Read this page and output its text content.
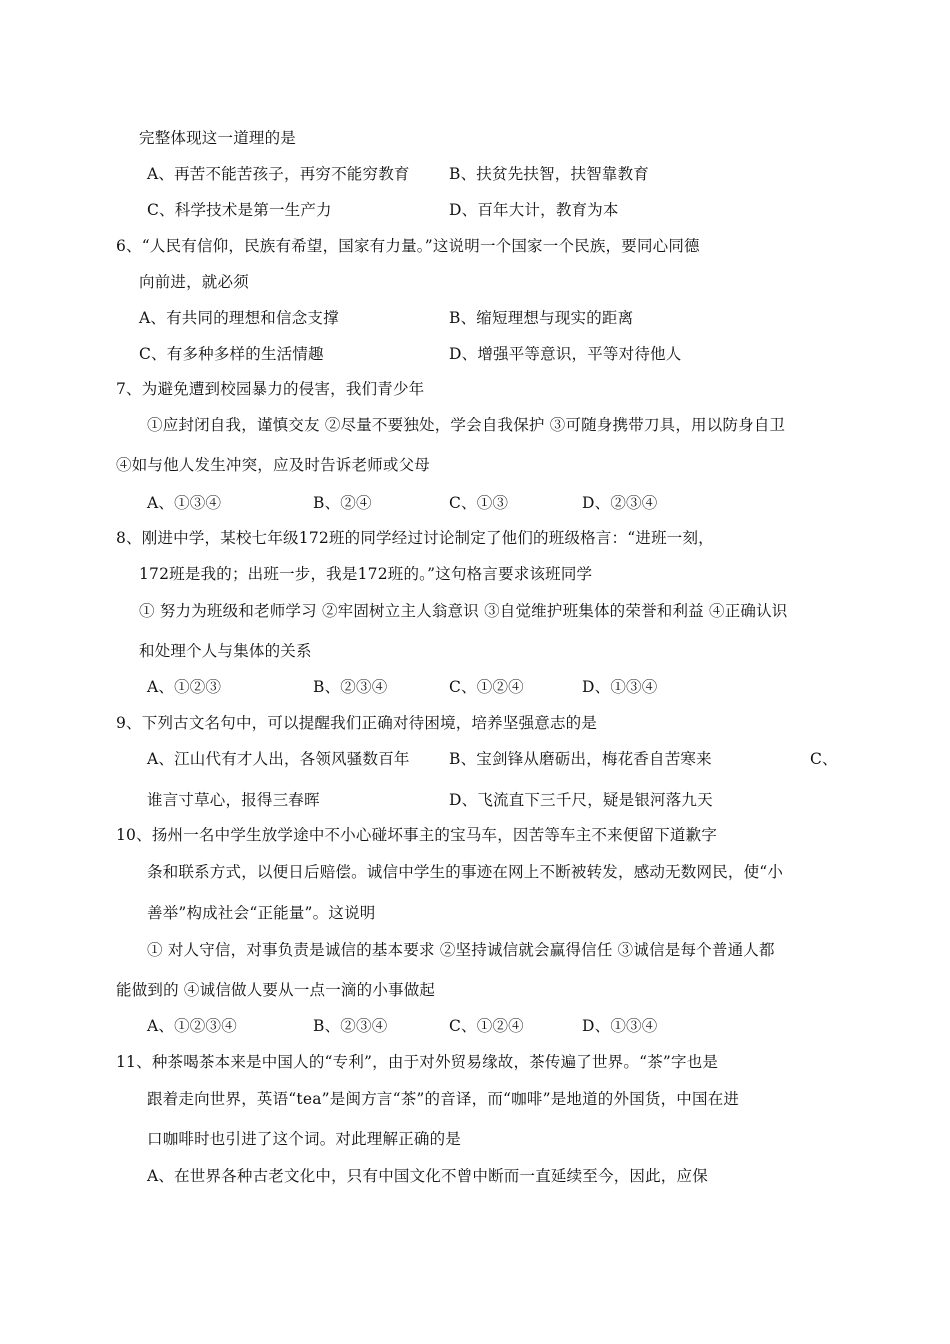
完整体现这一道理的是
A、再苦不能苦孩子，再穷不能穷教育	B、扶贫先扶智，扶智靠教育
C、科学技术是第一生产力	D、百年大计，教育为本
6、“人民有信仰，民族有希望，国家有力量。”这说明一个国家一个民族，要同心同德
向前进，就必须
A、有共同的理想和信念支撑	B、缩短理想与现实的距离
C、有多种多样的生活情趣	D、增强平等意识，平等对待他人
7、为避免遭到校园暴力的侵害，我们青少年
①应封闭自我，谨慎交友 ②尽量不要独处，学会自我保护 ③可随身携带刀具，用以防身自卫
④如与他人发生冲突，应及时告诉老师或父母
A、①③④	B、②④	C、①③	D、②③④
8、刚进中学，某校七年级172班的同学经过讨论制定了他们的班级格言：“进班一刻，
172班是我的；出班一步，我是172班的。”这句格言要求该班同学
① 努力为班级和老师学习 ②牢固树立主人翁意识 ③自觉维护班集体的荣誉和利益 ④正确认识
和处理个人与集体的关系
A、①②③	B、②③④	C、①②④	D、①③④
9、下列古文名句中，可以提醒我们正确对待困境，培养坚强意志的是
A、江山代有才人出，各领风骚数百年	B、宝剑锋从磨砺出，梅花香自苦寒来	C、
谁言寸草心，报得三春晖	D、飞流直下三千尺，疑是银河落九天
10、扬州一名中学生放学途中不小心碰坏事主的宝马车，因苦等车主不来便留下道歉字
条和联系方式，以便日后赔偿。诚信中学生的事迹在网上不断被转发，感动无数网民，使“小
善举”构成社会“正能量”。这说明
① 对人守信，对事负责是诚信的基本要求 ②坚持诚信就会赢得信任 ③诚信是每个普通人都
能做到的 ④诚信做人要从一点一滴的小事做起
A、①②③④	B、②③④	C、①②④	D、①③④
11、种茶喝茶本来是中国人的“专利”，由于对外贸易缘故，茶传遍了世界。“茶”字也是
跟着走向世界，英语“tea”是闽方言“茶”的音译，而“咖啡”是地道的外国货，中国在进
口咖啡时也引进了这个词。对此理解正确的是
A、在世界各种古老文化中，只有中国文化不曾中断而一直延续至今，因此，应保
